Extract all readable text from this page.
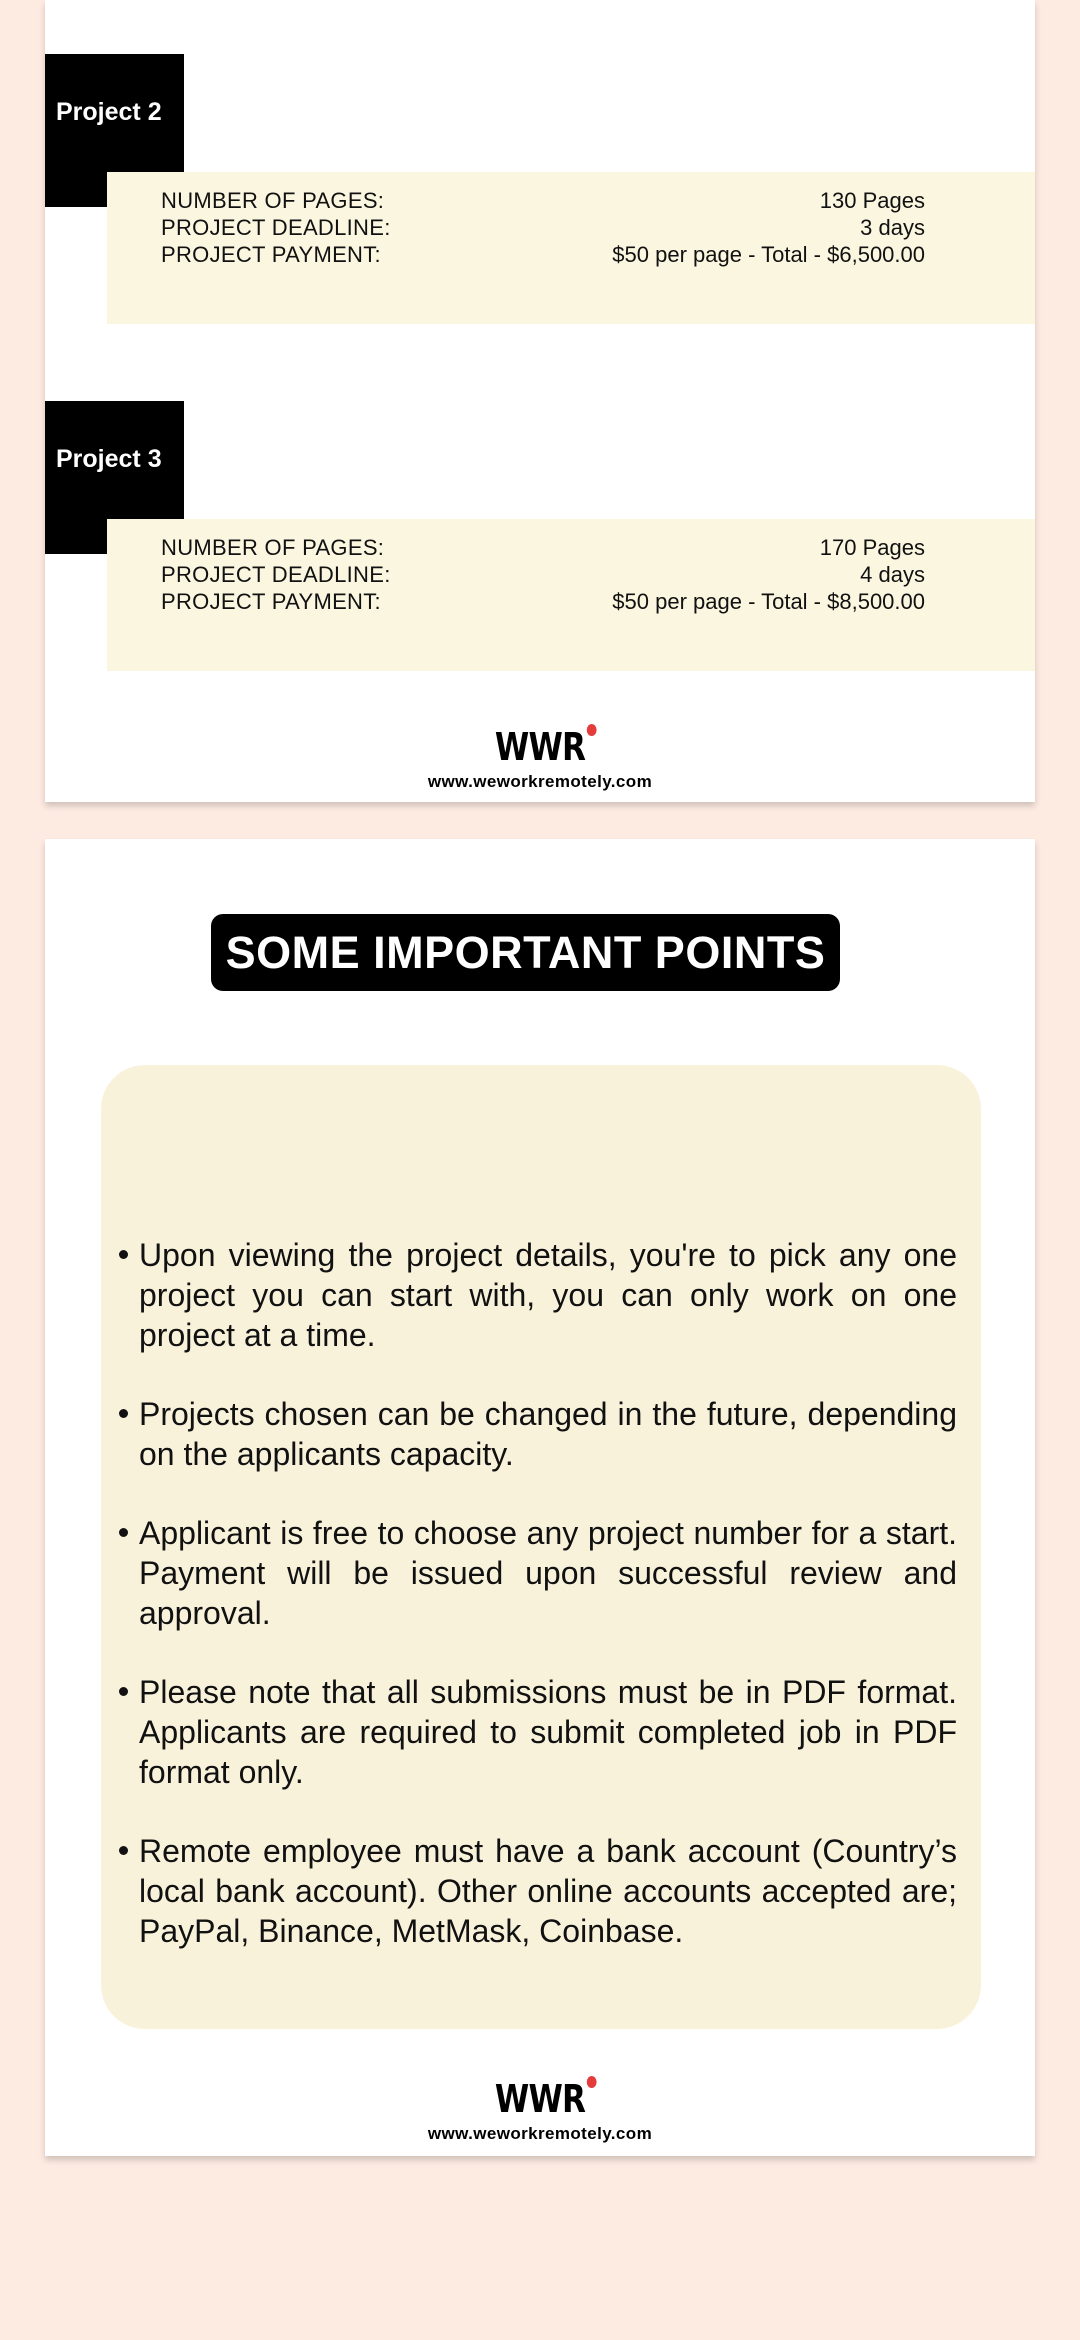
Project 2
NUMBER OF PAGES:	130 Pages
PROJECT DEADLINE:	3 days
PROJECT PAYMENT:	$50 per page - Total - $6,500.00
Project 3
NUMBER OF PAGES:	170 Pages
PROJECT DEADLINE:	4 days
PROJECT PAYMENT:	$50 per page - Total - $8,500.00
WWR
www.weworkremotely.com
SOME IMPORTANT POINTS
Upon viewing the project details, you're to pick any one project you can start with, you can only work on one project at a time.
Projects chosen can be changed in the future, depending on the applicants capacity.
Applicant is free to choose any project number for a start. Payment will be issued upon successful review and approval.
Please note that all submissions must be in PDF format. Applicants are required to submit completed job in PDF format only.
Remote employee must have a bank account (Country’s local bank account). Other online accounts accepted are; PayPal, Binance, MetMask, Coinbase.
WWR
www.weworkremotely.com
